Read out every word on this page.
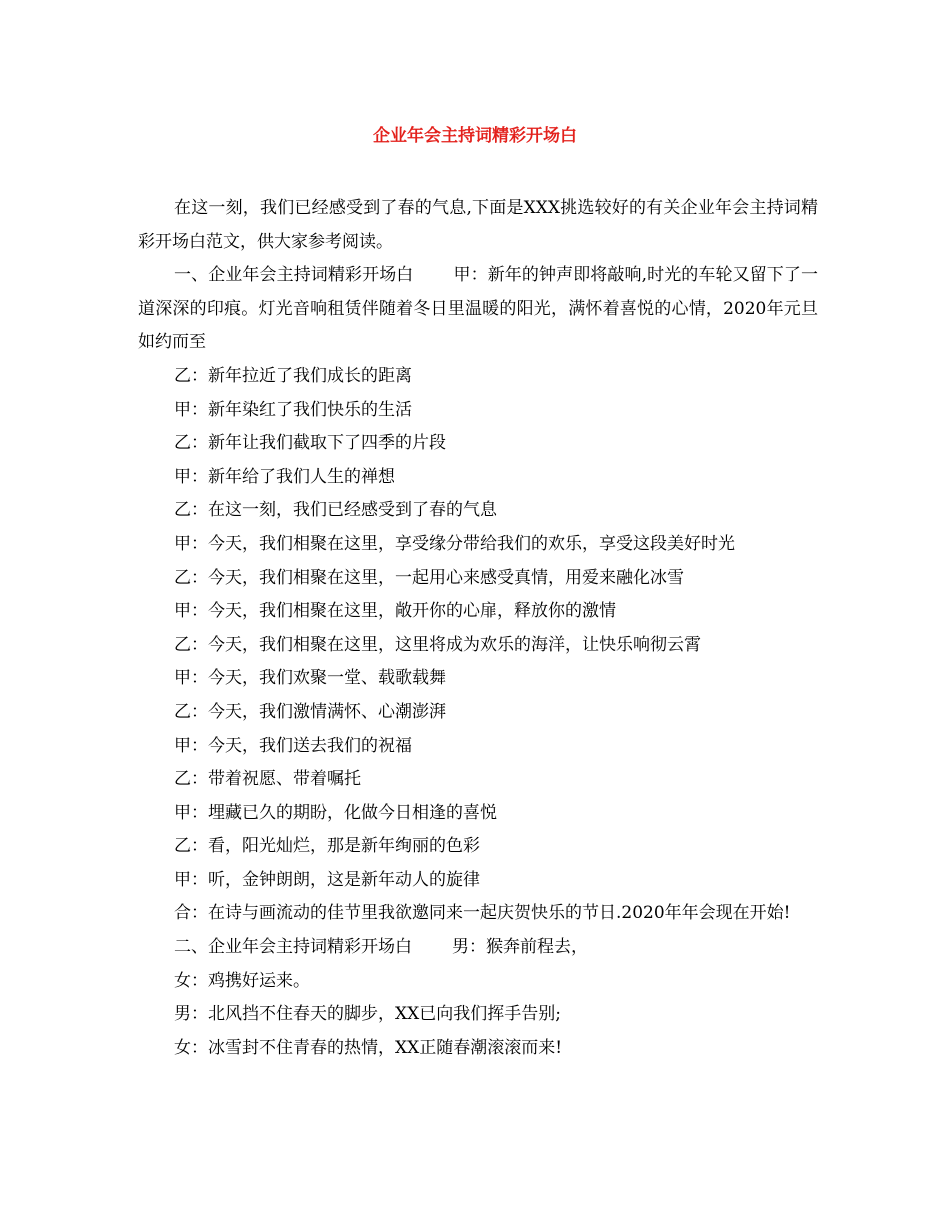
企业年会主持词精彩开场白

在这一刻，我们已经感受到了春的气息,下面是XXX挑选较好的有关企业年会主持词精彩开场白范文，供大家参考阅读。

一、企业年会主持词精彩开场白 甲：新年的钟声即将敲响,时光的车轮又留下了一道深深的印痕。灯光音响租赁伴随着冬日里温暖的阳光，满怀着喜悦的心情，2020年元旦如约而至

乙：新年拉近了我们成长的距离

甲：新年染红了我们快乐的生活

乙：新年让我们截取下了四季的片段

甲：新年给了我们人生的禅想

乙：在这一刻，我们已经感受到了春的气息

甲：今天，我们相聚在这里，享受缘分带给我们的欢乐，享受这段美好时光

乙：今天，我们相聚在这里，一起用心来感受真情，用爱来融化冰雪

甲：今天，我们相聚在这里，敞开你的心扉，释放你的激情

乙：今天，我们相聚在这里，这里将成为欢乐的海洋，让快乐响彻云霄

甲：今天，我们欢聚一堂、载歌载舞

乙：今天，我们激情满怀、心潮澎湃

甲：今天，我们送去我们的祝福

乙：带着祝愿、带着嘱托

甲：埋藏已久的期盼，化做今日相逢的喜悦

乙：看，阳光灿烂，那是新年绚丽的色彩

甲：听，金钟朗朗，这是新年动人的旋律

合：在诗与画流动的佳节里我欲邀同来一起庆贺快乐的节日.2020年年会现在开始!

二、企业年会主持词精彩开场白 男：猴奔前程去，

女：鸡携好运来。

男：北风挡不住春天的脚步，XX已向我们挥手告别;

女：冰雪封不住青春的热情，XX正随春潮滚滚而来!
